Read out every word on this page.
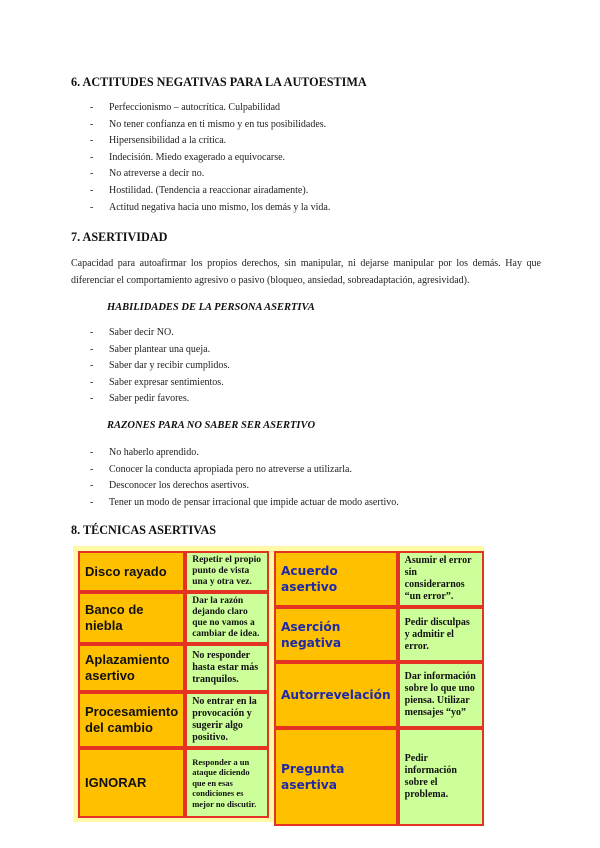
6. ACTITUDES NEGATIVAS PARA LA AUTOESTIMA
- Perfeccionismo – autocrítica. Culpabilidad
- No tener confianza en ti mismo y en tus posibilidades.
- Hipersensibilidad a la crítica.
- Indecisión. Miedo exagerado a equivocarse.
- No atreverse a decir no.
- Hostilidad. (Tendencia a reaccionar airadamente).
- Actitud negativa hacia uno mismo, los demás y la vida.
7. ASERTIVIDAD

Capacidad para autoafirmar los propios derechos, sin manipular, ni dejarse manipular por los demás. Hay que diferenciar el comportamiento agresivo o pasivo (bloqueo, ansiedad, sobreadaptación, agresividad).

HABILIDADES DE LA PERSONA ASERTIVA
- Saber decir NO.
- Saber plantear una queja.
- Saber dar y recibir cumplidos.
- Saber expresar sentimientos.
- Saber pedir favores.
RAZONES PARA NO SABER SER ASERTIVO
- No haberlo aprendido.
- Conocer la conducta apropiada pero no atreverse a utilizarla.
- Desconocer los derechos asertivos.
- Tener un modo de pensar irracional que impide actuar de modo asertivo.
8. TÉCNICAS ASERTIVAS
Disco rayado	Repetir el propio punto de vista una y otra vez.
Banco de niebla	Dar la razón dejando claro que no vamos a cambiar de idea.
Aplazamiento asertivo	No responder hasta estar más tranquilos.
Procesamiento del cambio	No entrar en la provocación y sugerir algo positivo.
IGNORAR	Responder a un ataque diciendo que en esas condiciones es mejor no discutir.
Acuerdo asertivo	Asumir el error sin considerarnos “un error”.
Aserción negativa	Pedir disculpas y admitir el error.
Autorrevelación	Dar información sobre lo que uno piensa. Utilizar mensajes “yo”
Pregunta asertiva	Pedir información sobre el problema.
